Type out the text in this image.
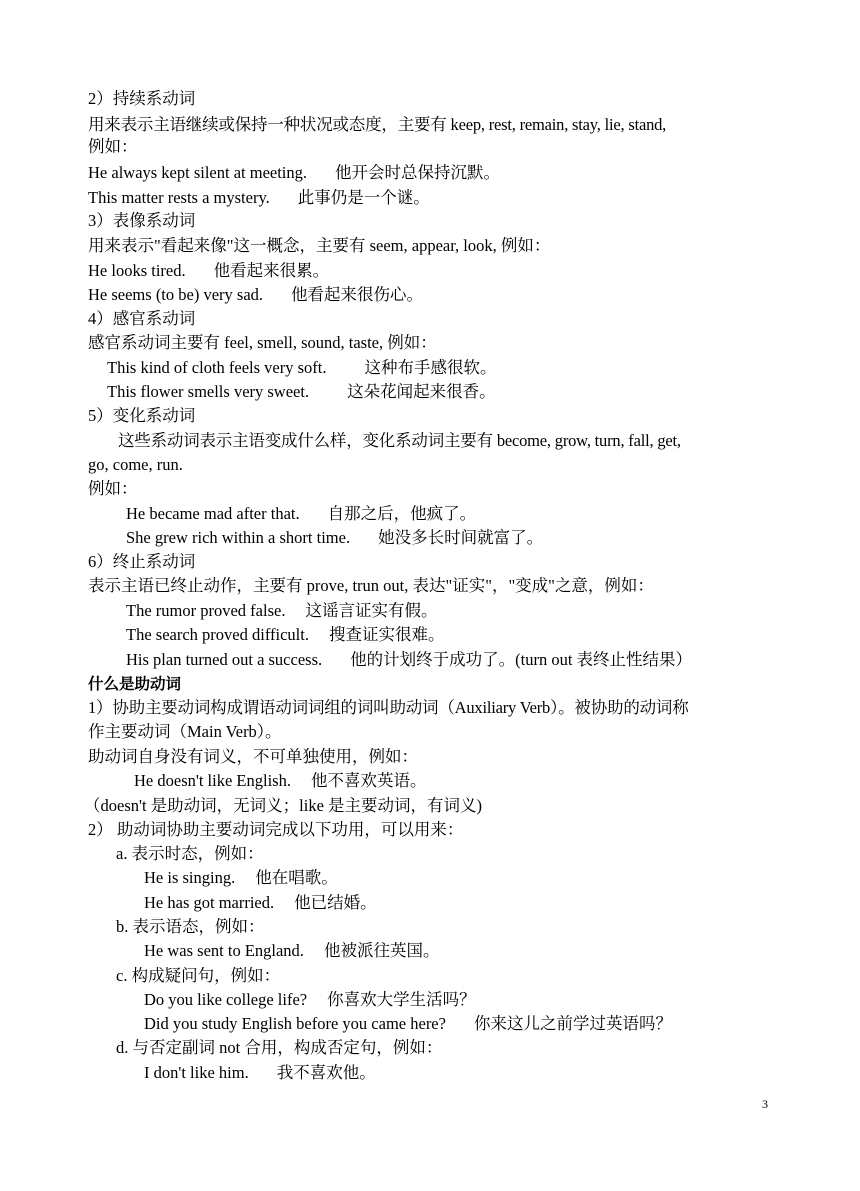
2）持续系动词
用来表示主语继续或保持一种状况或态度，主要有 keep, rest, remain, stay, lie, stand,
例如：
He always kept silent at meeting. 他开会时总保持沉默。
This matter rests a mystery. 此事仍是一个谜。
3）表像系动词
用来表示"看起来像"这一概念，主要有 seem, appear, look, 例如：
He looks tired. 他看起来很累。
He seems (to be) very sad. 他看起来很伤心。
4）感官系动词
感官系动词主要有 feel, smell, sound, taste, 例如：
This kind of cloth feels very soft. 这种布手感很软。
This flower smells very sweet. 这朵花闻起来很香。
5）变化系动词
这些系动词表示主语变成什么样，变化系动词主要有 become, grow, turn, fall, get,
go, come, run.
例如：
He became mad after that. 自那之后，他疯了。
She grew rich within a short time. 她没多长时间就富了。
6）终止系动词
表示主语已终止动作，主要有 prove, trun out, 表达"证实"，"变成"之意，例如：
The rumor proved false. 这谣言证实有假。
The search proved difficult. 搜查证实很难。
His plan turned out a success. 他的计划终于成功了。(turn out 表终止性结果）
什么是助动词
1）协助主要动词构成谓语动词词组的词叫助动词（Auxiliary Verb）。被协助的动词称
作主要动词（Main Verb）。
助动词自身没有词义，不可单独使用，例如：
He doesn't like English. 他不喜欢英语。
（doesn't 是助动词，无词义；like 是主要动词，有词义)
2） 助动词协助主要动词完成以下功用，可以用来：
a. 表示时态，例如：
He is singing. 他在唱歌。
He has got married. 他已结婚。
b. 表示语态，例如：
He was sent to England. 他被派往英国。
c. 构成疑问句，例如：
Do you like college life? 你喜欢大学生活吗？
Did you study English before you came here? 你来这儿之前学过英语吗？
d. 与否定副词 not 合用，构成否定句，例如：
I don't like him. 我不喜欢他。
3
